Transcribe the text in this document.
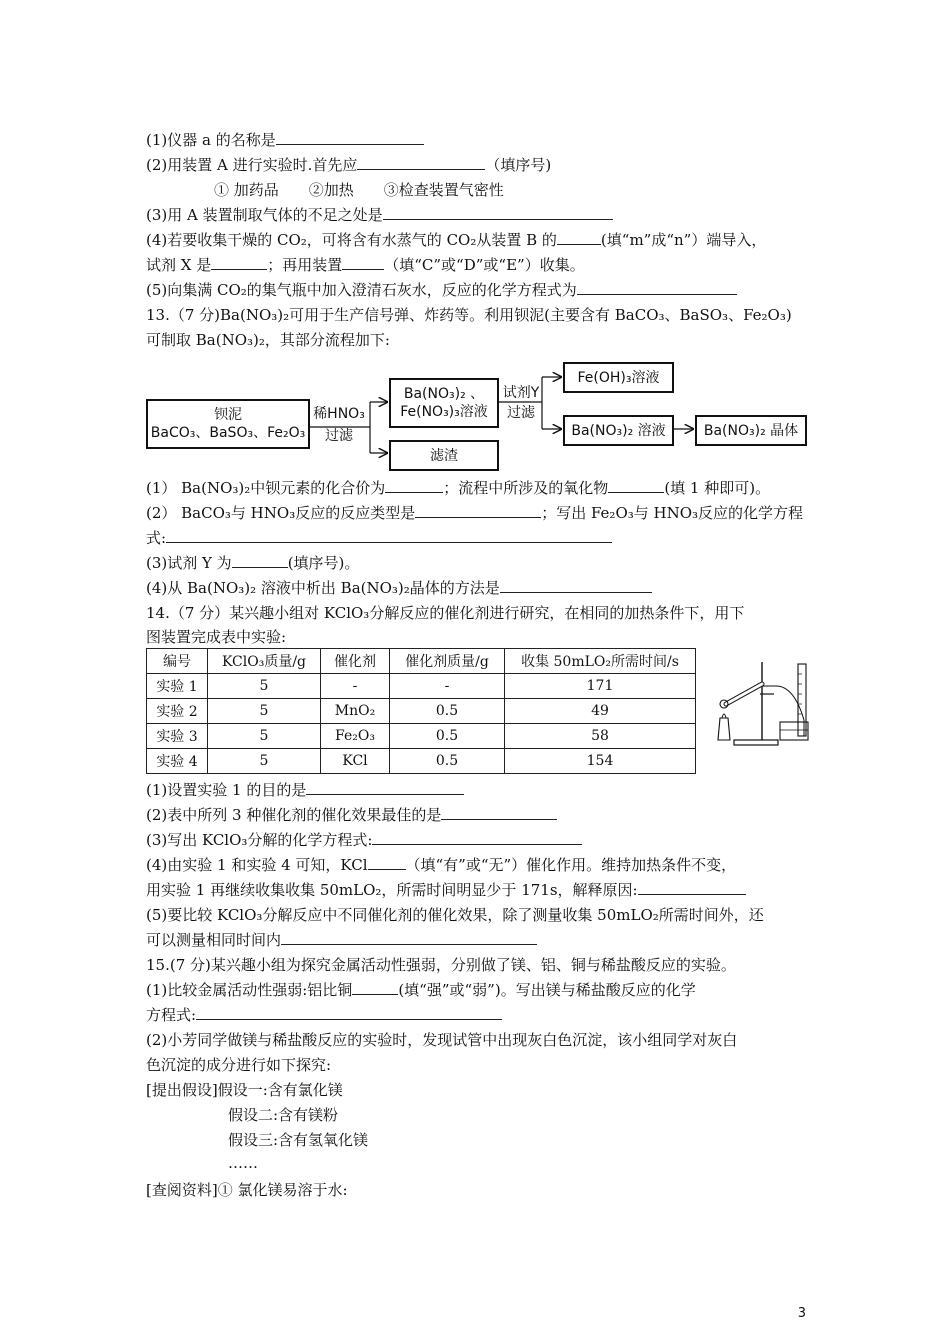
(1)仪器 a 的名称是
(2)用装置 A 进行实验时.首先应	（填序号)
① 加药品　　②加热　　③检查装置气密性
(3)用 A 装置制取气体的不足之处是
(4)若要收集干燥的 CO₂，可将含有水蒸气的 CO₂从装置 B 的	(填“m”成“n”）端导入，
试剂 X 是	；再用装置	（填“C”或“D”或“E”）收集。
(5)向集满 CO₂的集气瓶中加入澄清石灰水，反应的化学方程式为
13.（7 分)Ba(NO₃)₂可用于生产信号弹、炸药等。利用钡泥(主要含有 BaCO₃、BaSO₃、Fe₂O₃)
可制取 Ba(NO₃)₂，其部分流程加下:
钡泥
BaCO₃、BaSO₃、Fe₂O₃
稀HNO₃
过滤
Ba(NO₃)₂ 、
Fe(NO₃)₃溶液
滤渣
试剂Y
过滤
Fe(OH)₃溶液
Ba(NO₃)₂ 溶液	Ba(NO₃)₂ 晶体
(1） Ba(NO₃)₂中钡元素的化合价为	；流程中所涉及的氧化物	(填 1 种即可)。
(2） BaCO₃与 HNO₃反应的反应类型是	；写出 Fe₂O₃与 HNO₃反应的化学方程
式:
(3)试剂 Y 为	(填序号)。
(4)从 Ba(NO₃)₂ 溶液中析出 Ba(NO₃)₂晶体的方法是
14.（7 分）某兴趣小组对 KClO₃分解反应的催化剂进行研究，在相同的加热条件下，用下
图装置完成表中实验:
编号	KClO₃质量/g	催化剂	催化剂质量/g	收集 50mLO₂所需时间/s
实验 1	5	-	-	171
实验 2	5	MnO₂	0.5	49
实验 3	5	Fe₂O₃	0.5	58
实验 4	5	KCl	0.5	154
(1)设置实验 1 的目的是
(2)表中所列 3 种催化剂的催化效果最佳的是
(3)写出 KClO₃分解的化学方程式:
(4)由实验 1 和实验 4 可知，KCl	（填“有”或“无”）催化作用。维持加热条件不变，
用实验 1 再继续收集收集 50mLO₂，所需时间明显少于 171s，解释原因:
(5)要比较 KClO₃分解反应中不同催化剂的催化效果，除了测量收集 50mLO₂所需时间外，还
可以测量相同时间内
15.(7 分)某兴趣小组为探究金属活动性强弱，分别做了镁、铝、铜与稀盐酸反应的实验。
(1)比较金属活动性强弱:铝比铜	(填“强”或“弱”)。写出镁与稀盐酸反应的化学
方程式:
(2)小芳同学做镁与稀盐酸反应的实验时，发现试管中出现灰白色沉淀，该小组同学对灰白
色沉淀的成分进行如下探究:
[提出假设]假设一:含有氯化镁
假设二:含有镁粉
假设三:含有氢氧化镁
……
[查阅资料]① 氯化镁易溶于水:
3
